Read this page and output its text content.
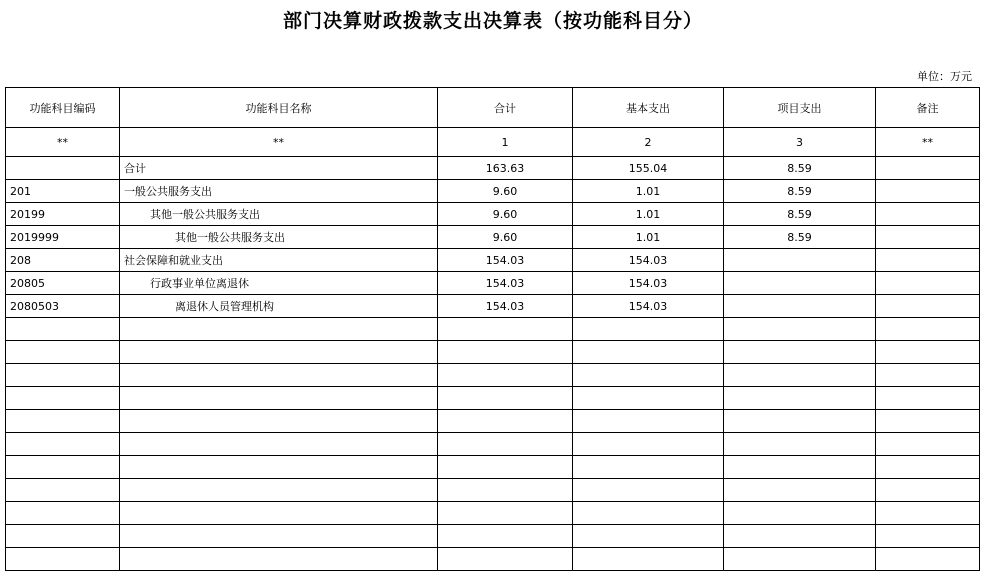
部门决算财政拨款支出决算表（按功能科目分）
单位：万元
功能科目编码	功能科目名称	合计	基本支出	项目支出	备注
**	**	1	2	3	**
	合计	163.63	155.04	8.59	
201	一般公共服务支出	9.60	1.01	8.59	
20199	其他一般公共服务支出	9.60	1.01	8.59	
2019999	其他一般公共服务支出	9.60	1.01	8.59	
208	社会保障和就业支出	154.03	154.03		
20805	行政事业单位离退休	154.03	154.03		
2080503	离退休人员管理机构	154.03	154.03		
